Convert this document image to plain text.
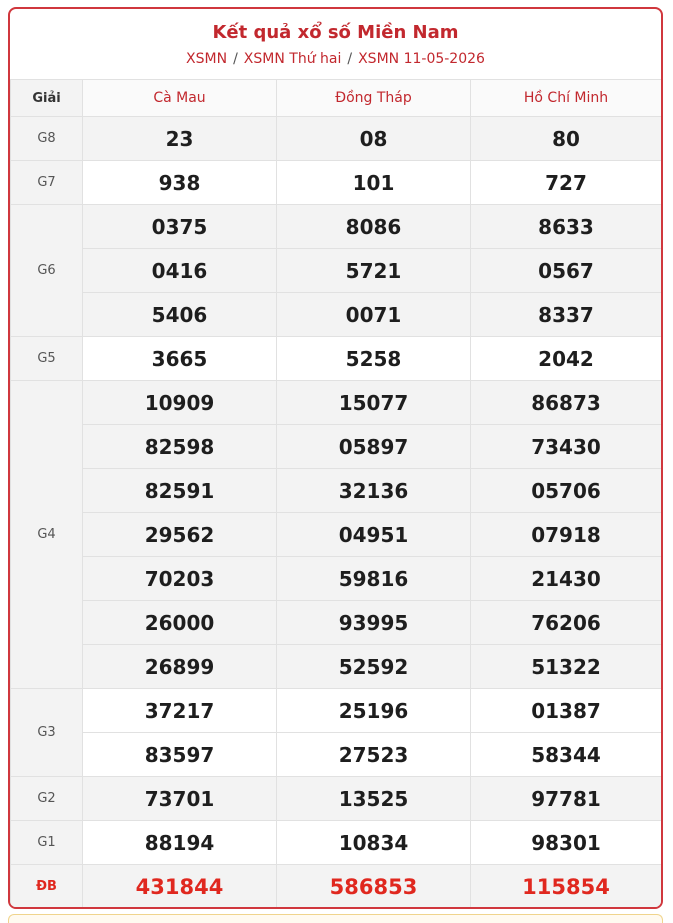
Kết quả xổ số Miền Nam
XSMN / XSMN Thứ hai / XSMN 11-05-2026
Giải	Cà Mau	Đồng Tháp	Hồ Chí Minh
G8	23	08	80
G7	938	101	727
G6	0375	8086	8633
	0416	5721	0567
	5406	0071	8337
G5	3665	5258	2042
G4	10909	15077	86873
	82598	05897	73430
	82591	32136	05706
	29562	04951	07918
	70203	59816	21430
	26000	93995	76206
	26899	52592	51322
G3	37217	25196	01387
	83597	27523	58344
G2	73701	13525	97781
G1	88194	10834	98301
ĐB	431844	586853	115854
